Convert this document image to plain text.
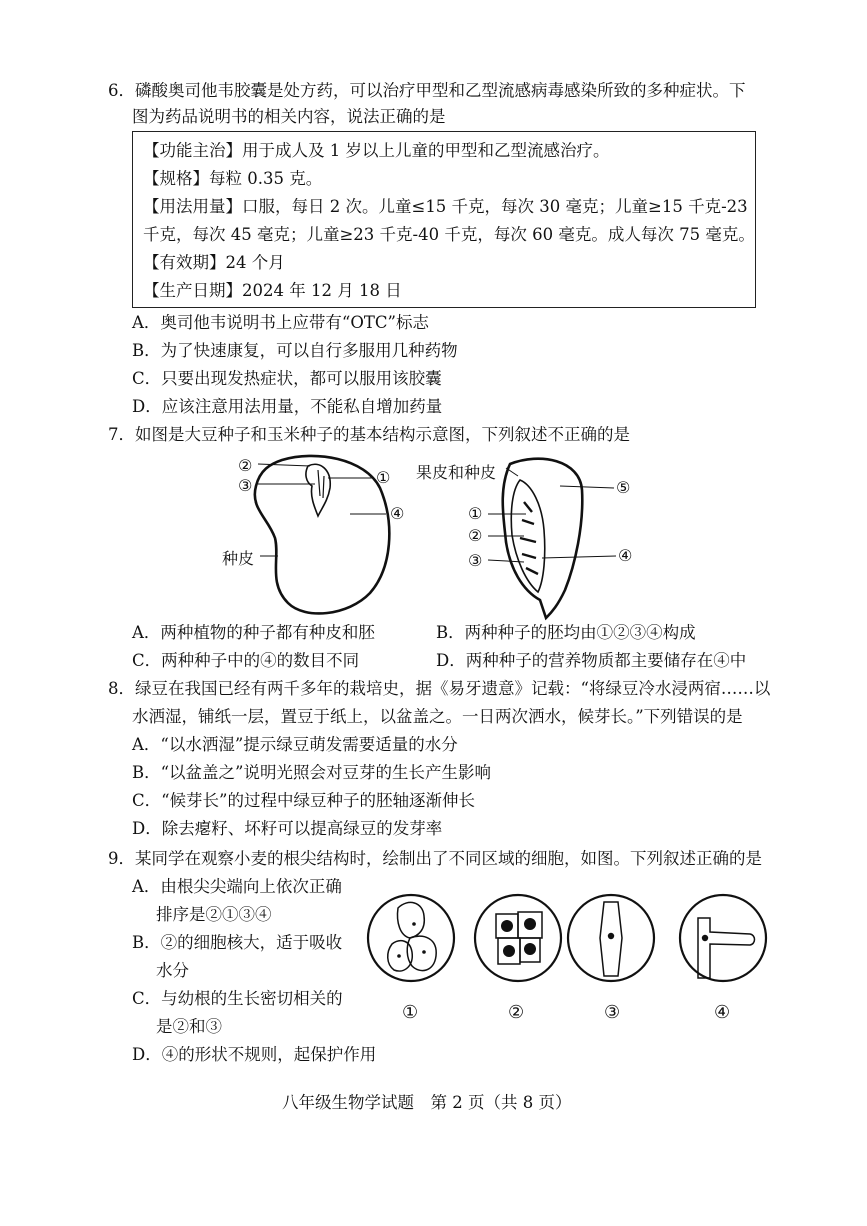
6．磷酸奥司他韦胶囊是处方药，可以治疗甲型和乙型流感病毒感染所致的多种症状。下
图为药品说明书的相关内容，说法正确的是
【功能主治】用于成人及 1 岁以上儿童的甲型和乙型流感治疗。
【规格】每粒 0.35 克。
【用法用量】口服，每日 2 次。儿童≤15 千克，每次 30 毫克；儿童≥15 千克-23
千克，每次 45 毫克；儿童≥23 千克-40 千克，每次 60 毫克。成人每次 75 毫克。
【有效期】24 个月
【生产日期】2024 年 12 月 18 日
A．奥司他韦说明书上应带有“OTC”标志
B．为了快速康复，可以自行多服用几种药物
C．只要出现发热症状，都可以服用该胶囊
D．应该注意用法用量，不能私自增加药量
7．如图是大豆种子和玉米种子的基本结构示意图，下列叙述不正确的是
②
③	①
④
种皮
果皮和种皮
⑤
①
②
③	④
A．两种植物的种子都有种皮和胚	B．两种种子的胚均由①②③④构成
C．两种种子中的④的数目不同	D．两种种子的营养物质都主要储存在④中
8．绿豆在我国已经有两千多年的栽培史，据《易牙遗意》记载：“将绿豆冷水浸两宿……以
水洒湿，铺纸一层，置豆于纸上，以盆盖之。一日两次洒水，候芽长。”下列错误的是
A．“以水洒湿”提示绿豆萌发需要适量的水分
B．“以盆盖之”说明光照会对豆芽的生长产生影响
C．“候芽长”的过程中绿豆种子的胚轴逐渐伸长
D．除去瘪籽、坏籽可以提高绿豆的发芽率
9．某同学在观察小麦的根尖结构时，绘制出了不同区域的细胞，如图。下列叙述正确的是
A．由根尖尖端向上依次正确
排序是②①③④
B．②的细胞核大，适于吸收
水分
C．与幼根的生长密切相关的
是②和③
D．④的形状不规则，起保护作用
①	②	③	④
八年级生物学试题　第 2 页（共 8 页）
